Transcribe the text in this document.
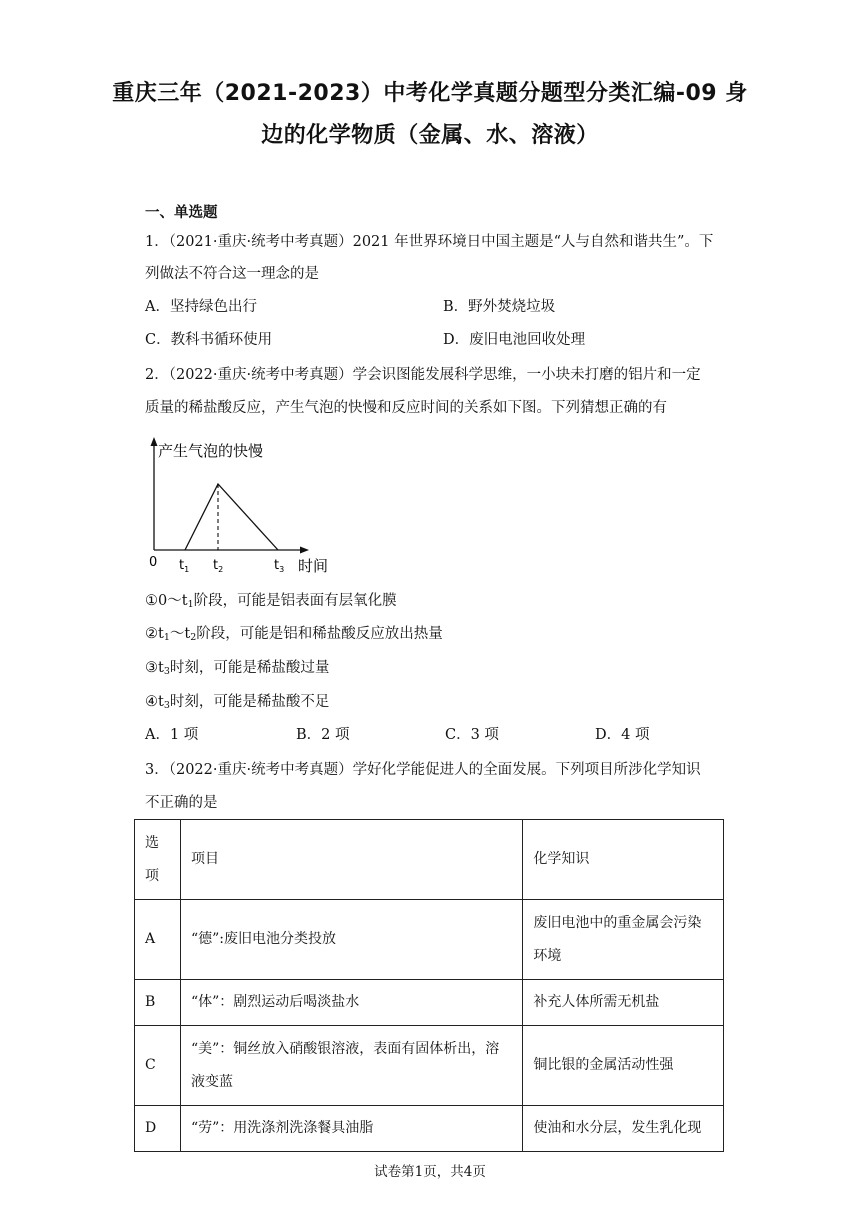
重庆三年（2021-2023）中考化学真题分题型分类汇编-09 身
边的化学物质（金属、水、溶液）
一、单选题
1．（2021·重庆·统考中考真题）2021 年世界环境日中国主题是“人与自然和谐共生”。下
列做法不符合这一理念的是
A．坚持绿色出行	B．野外焚烧垃圾
C．教科书循环使用	D．废旧电池回收处理
2．（2022·重庆·统考中考真题）学会识图能发展科学思维，一小块未打磨的铝片和一定
质量的稀盐酸反应，产生气泡的快慢和反应时间的关系如下图。下列猜想正确的有
产生气泡的快慢
时间
0 $t_1$ $t_2$	$t_3$
$①0\sim t_1$阶段，可能是铝表面有层氧化膜
$②t_1\sim t_2$阶段，可能是铝和稀盐酸反应放出热量
$③t_3$时刻，可能是稀盐酸过量
$④t_3$时刻，可能是稀盐酸不足
A．1 项	B．2 项	C．3 项	D．4 项
3．（2022·重庆·统考中考真题）学好化学能促进人的全面发展。下列项目所涉化学知识
不正确的是
选
项	项目	化学知识
A	“德”:废旧电池分类投放	废旧电池中的重金属会污染
环境
B	“体”：剧烈运动后喝淡盐水	补充人体所需无机盐
C	“美”：铜丝放入硝酸银溶液，表面有固体析出，溶
液变蓝	铜比银的金属活动性强
D	“劳”：用洗涤剂洗涤餐具油脂	使油和水分层，发生乳化现
试卷第1页，共4页
